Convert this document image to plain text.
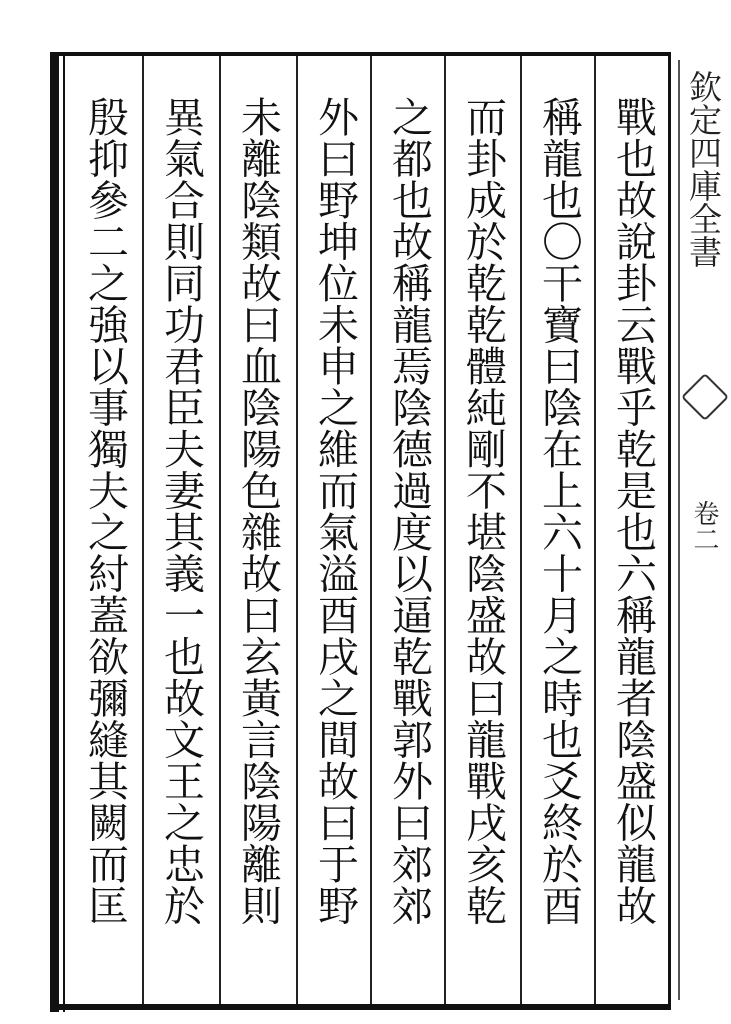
戰也故說卦云戰乎乾是也六稱龍者陰盛似龍故
稱龍也〇干寶曰陰在上六十月之時也爻終於酉
而卦成於乾乾體純剛不堪陰盛故曰龍戰戌亥乾
之都也故稱龍焉陰德過度以逼乾戰郭外曰郊郊
外曰野坤位未申之維而氣溢酉戌之間故曰于野
未離陰類故曰血陰陽色雜故曰玄黃言陰陽離則
異氣合則同功君臣夫妻其義一也故文王之忠於
殷抑參二之強以事獨夫之紂蓋欲彌縫其闕而匡	欽定四庫全書
卷二
